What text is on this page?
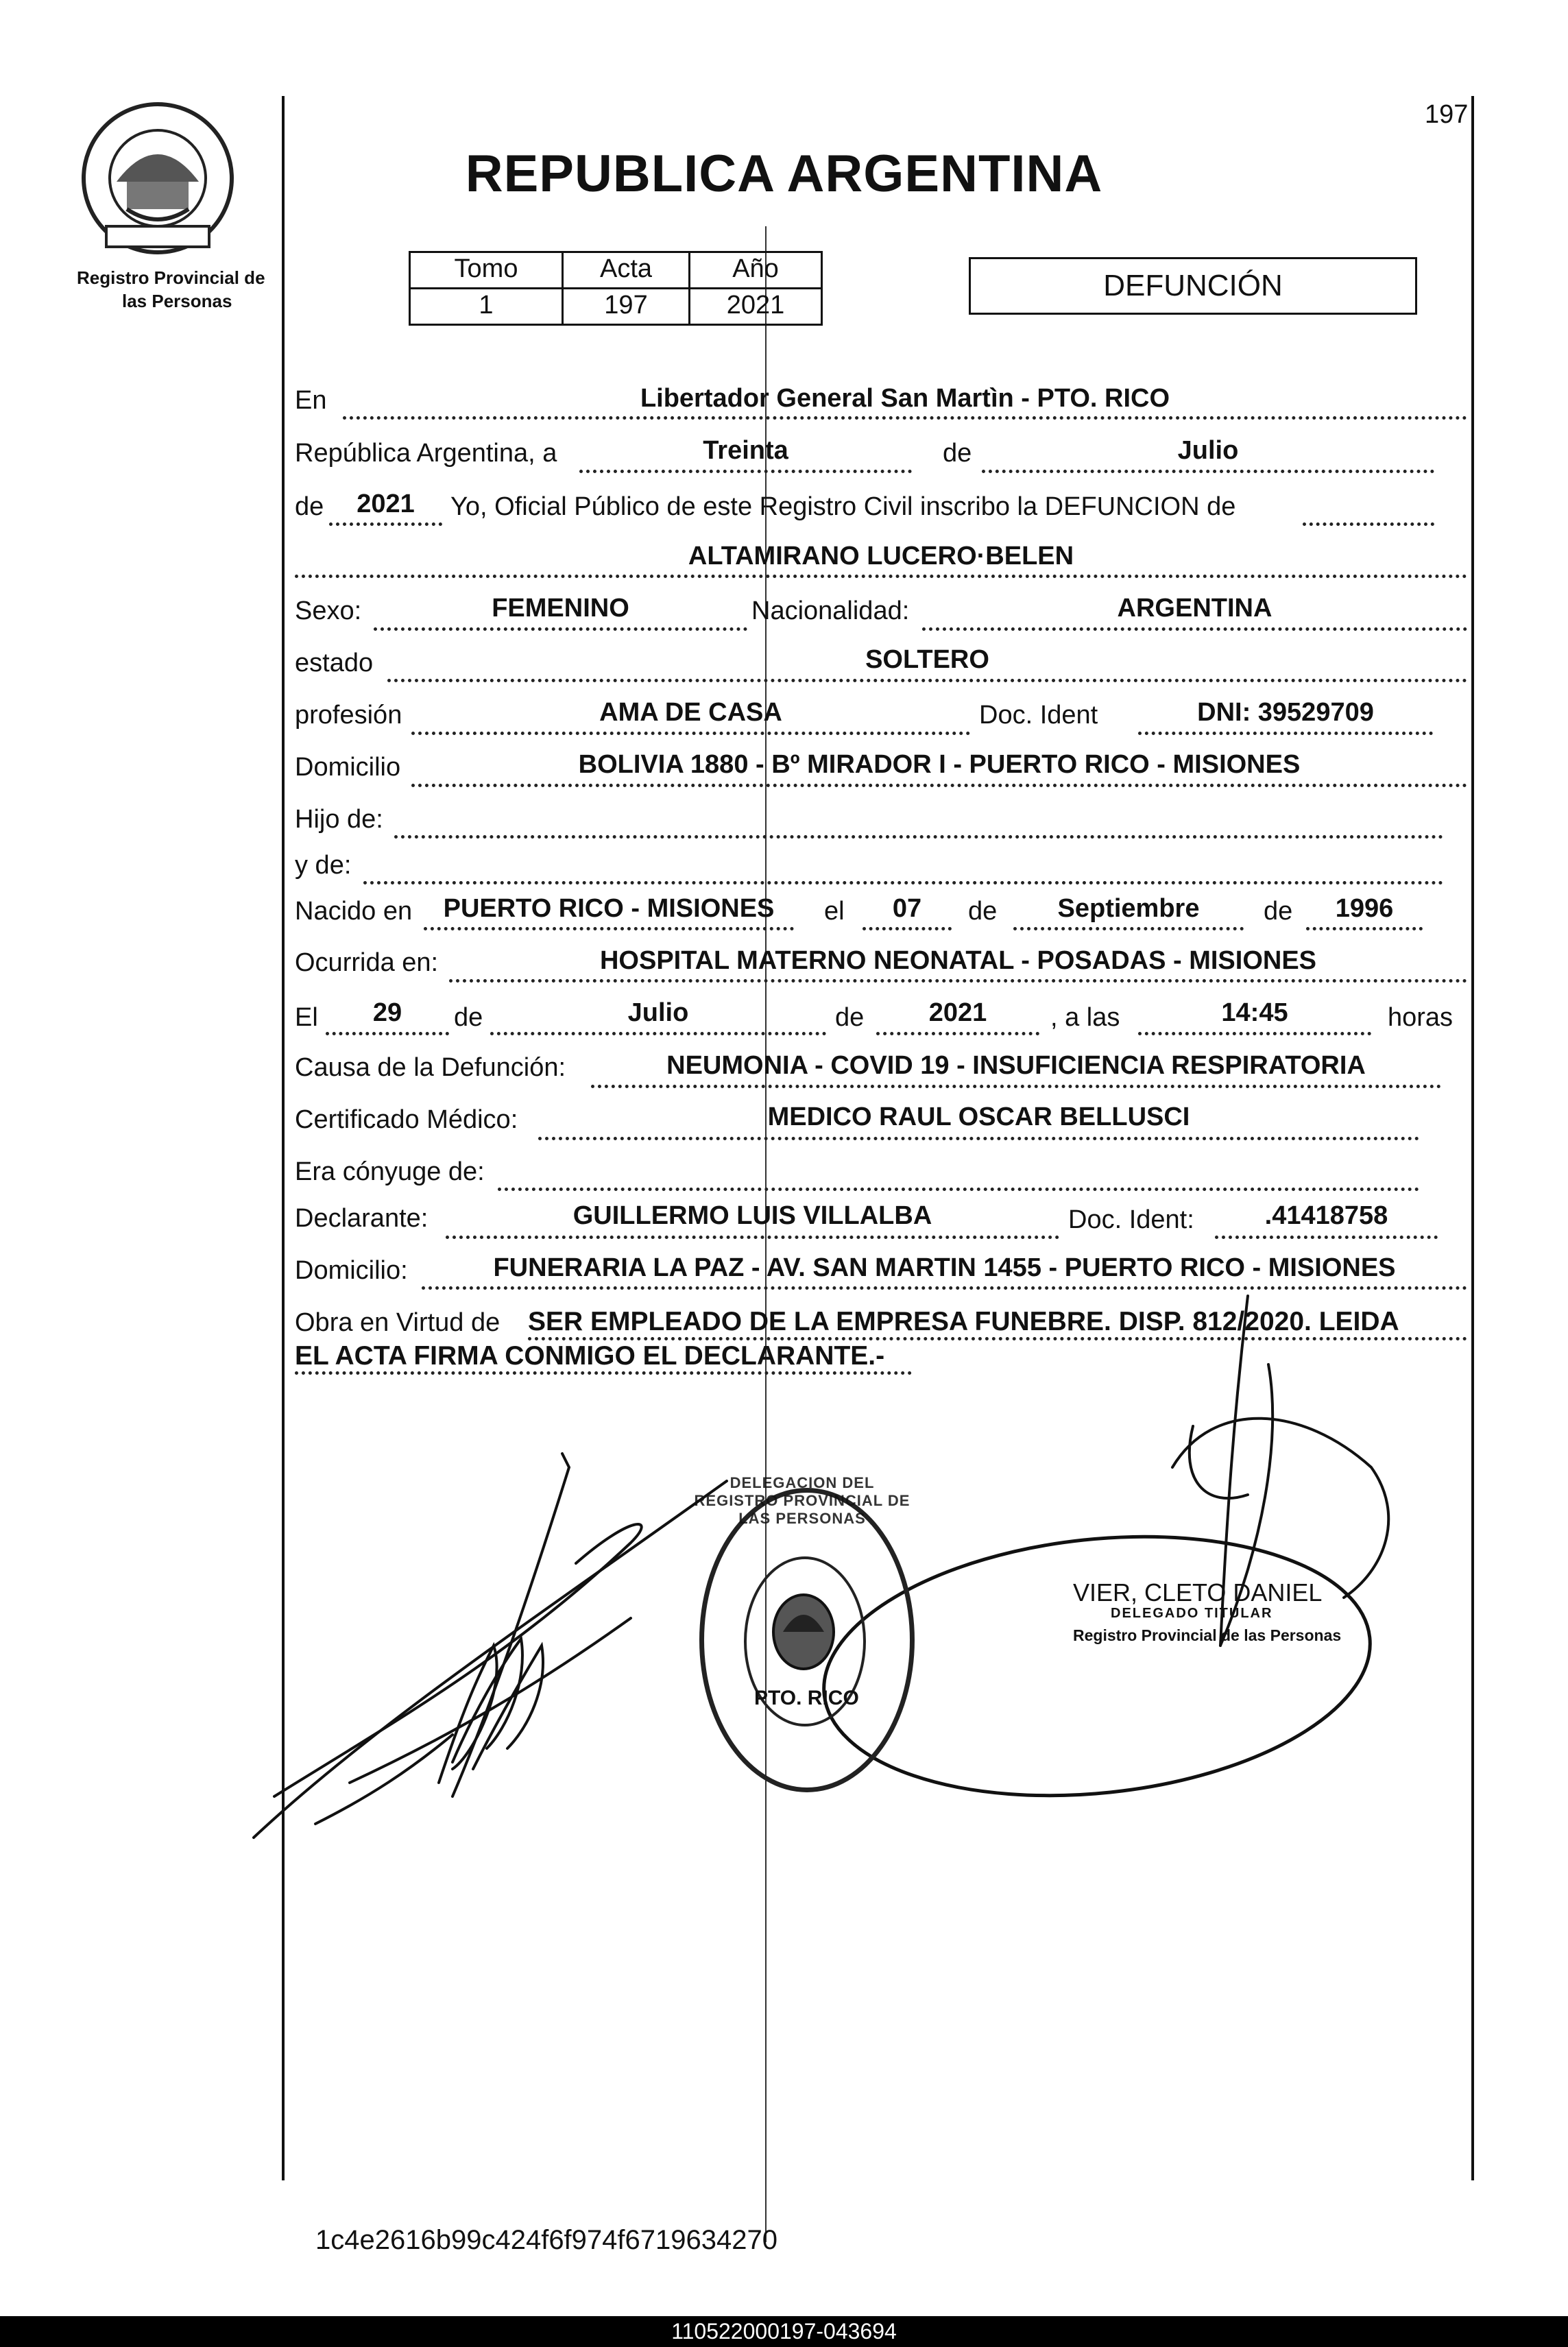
Registro Provincial de
las Personas
197
REPUBLICA ARGENTINA
Tomo	Acta	Año
1	197	2021
DEFUNCIÓN
En	Libertador General San Martìn - PTO. RICO
República Argentina, a	Treinta	de	Julio
de	2021	Yo, Oficial Público de este Registro Civil inscribo la DEFUNCION de
ALTAMIRANO LUCERO·BELEN
Sexo:	FEMENINO	Nacionalidad:	ARGENTINA
estado	SOLTERO
profesión	AMA DE CASA	Doc. Ident	DNI: 39529709
Domicilio	BOLIVIA 1880 - Bº MIRADOR I - PUERTO RICO - MISIONES
Hijo de:
y de:
Nacido en	PUERTO RICO - MISIONES	el	07	de	Septiembre	de	1996
Ocurrida en:	HOSPITAL MATERNO NEONATAL - POSADAS - MISIONES
El	29	de	Julio	de	2021	, a las	14:45	horas
Causa de la Defunción:	NEUMONIA - COVID 19 - INSUFICIENCIA RESPIRATORIA
Certificado Médico:	MEDICO RAUL OSCAR BELLUSCI
Era cónyuge de:
Declarante:	GUILLERMO LUIS VILLALBA	Doc. Ident:	.41418758
Domicilio:	FUNERARIA LA PAZ - AV. SAN MARTIN 1455 - PUERTO RICO - MISIONES
Obra en Virtud de SER EMPLEADO DE LA EMPRESA FUNEBRE. DISP. 812/2020. LEIDA
EL ACTA FIRMA CONMIGO EL DECLARANTE.-
DELEGACION DEL REGISTRO PROVINCIAL DE LAS PERSONAS
PTO. RICO
VIER, CLETO DANIEL
DELEGADO TITULAR
Registro Provincial de las Personas
1c4e2616b99c424f6f974f6719634270
110522000197-043694
